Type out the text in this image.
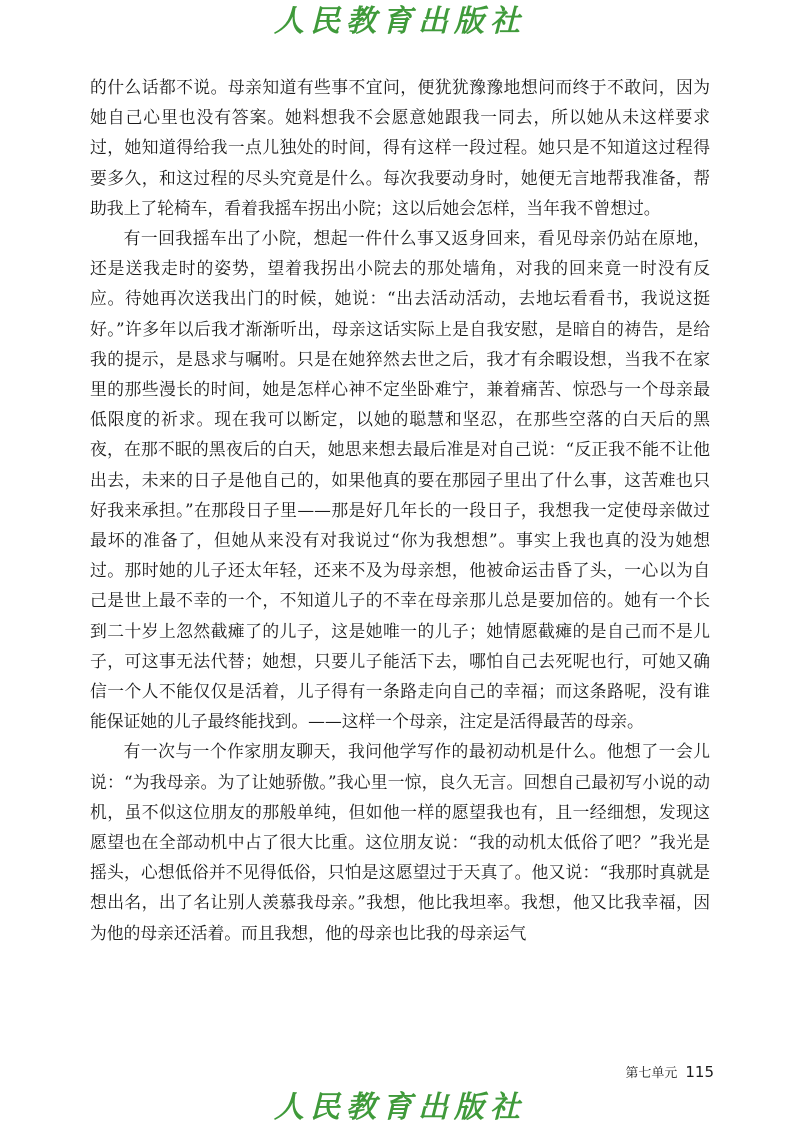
人民教育出版社

的什么话都不说。母亲知道有些事不宜问，便犹犹豫豫地想问而终于不敢问，因为她自己心里也没有答案。她料想我不会愿意她跟我一同去，所以她从未这样要求过，她知道得给我一点儿独处的时间，得有这样一段过程。她只是不知道这过程得要多久，和这过程的尽头究竟是什么。每次我要动身时，她便无言地帮我准备，帮助我上了轮椅车，看着我摇车拐出小院；这以后她会怎样，当年我不曾想过。

有一回我摇车出了小院，想起一件什么事又返身回来，看见母亲仍站在原地，还是送我走时的姿势，望着我拐出小院去的那处墙角，对我的回来竟一时没有反应。待她再次送我出门的时候，她说：“出去活动活动，去地坛看看书，我说这挺好。”许多年以后我才渐渐听出，母亲这话实际上是自我安慰，是暗自的祷告，是给我的提示，是恳求与嘱咐。只是在她猝然去世之后，我才有余暇设想，当我不在家里的那些漫长的时间，她是怎样心神不定坐卧难宁，兼着痛苦、惊恐与一个母亲最低限度的祈求。现在我可以断定，以她的聪慧和坚忍，在那些空落的白天后的黑夜，在那不眠的黑夜后的白天，她思来想去最后准是对自己说：“反正我不能不让他出去，未来的日子是他自己的，如果他真的要在那园子里出了什么事，这苦难也只好我来承担。”在那段日子里——那是好几年长的一段日子，我想我一定使母亲做过最坏的准备了，但她从来没有对我说过“你为我想想”。事实上我也真的没为她想过。那时她的儿子还太年轻，还来不及为母亲想，他被命运击昏了头，一心以为自己是世上最不幸的一个，不知道儿子的不幸在母亲那儿总是要加倍的。她有一个长到二十岁上忽然截瘫了的儿子，这是她唯一的儿子；她情愿截瘫的是自己而不是儿子，可这事无法代替；她想，只要儿子能活下去，哪怕自己去死呢也行，可她又确信一个人不能仅仅是活着，儿子得有一条路走向自己的幸福；而这条路呢，没有谁能保证她的儿子最终能找到。——这样一个母亲，注定是活得最苦的母亲。

有一次与一个作家朋友聊天，我问他学写作的最初动机是什么。他想了一会儿说：“为我母亲。为了让她骄傲。”我心里一惊，良久无言。回想自己最初写小说的动机，虽不似这位朋友的那般单纯，但如他一样的愿望我也有，且一经细想，发现这愿望也在全部动机中占了很大比重。这位朋友说：“我的动机太低俗了吧？”我光是摇头，心想低俗并不见得低俗，只怕是这愿望过于天真了。他又说：“我那时真就是想出名，出了名让别人羡慕我母亲。”我想，他比我坦率。我想，他又比我幸福，因为他的母亲还活着。而且我想，他的母亲也比我的母亲运气

第七单元 115
人民教育出版社
